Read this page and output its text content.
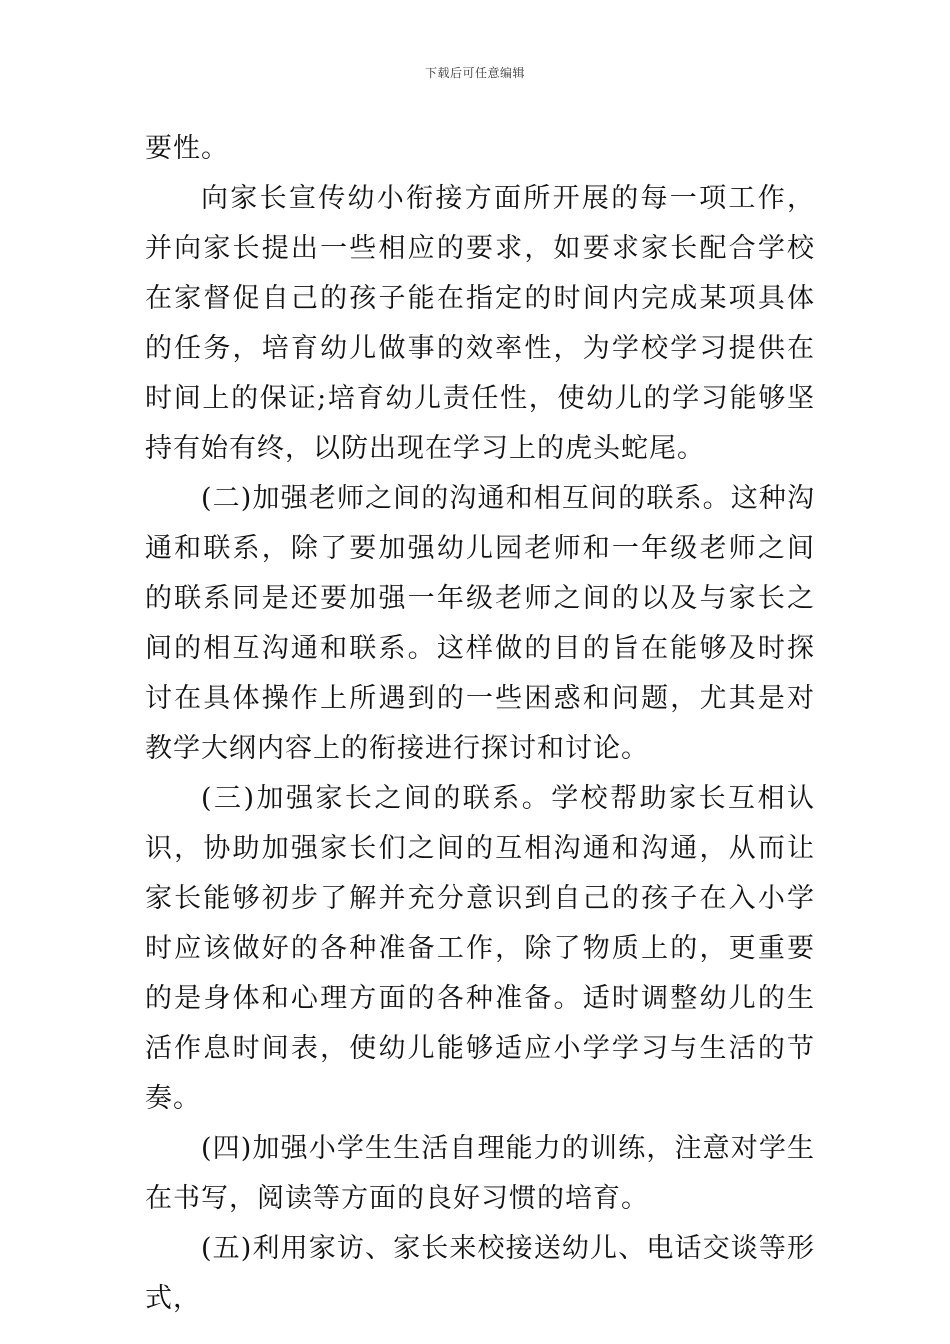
下载后可任意编辑

要性。

向家长宣传幼小衔接方面所开展的每一项工作，并向家长提出一些相应的要求，如要求家长配合学校在家督促自己的孩子能在指定的时间内完成某项具体的任务，培育幼儿做事的效率性，为学校学习提供在时间上的保证;培育幼儿责任性，使幼儿的学习能够坚持有始有终，以防出现在学习上的虎头蛇尾。

(二)加强老师之间的沟通和相互间的联系。这种沟通和联系，除了要加强幼儿园老师和一年级老师之间的联系同是还要加强一年级老师之间的以及与家长之间的相互沟通和联系。这样做的目的旨在能够及时探讨在具体操作上所遇到的一些困惑和问题，尤其是对教学大纲内容上的衔接进行探讨和讨论。

(三)加强家长之间的联系。学校帮助家长互相认识，协助加强家长们之间的互相沟通和沟通，从而让家长能够初步了解并充分意识到自己的孩子在入小学时应该做好的各种准备工作，除了物质上的，更重要的是身体和心理方面的各种准备。适时调整幼儿的生活作息时间表，使幼儿能够适应小学学习与生活的节奏。

(四)加强小学生生活自理能力的训练，注意对学生在书写，阅读等方面的良好习惯的培育。

(五)利用家访、家长来校接送幼儿、电话交谈等形式，
